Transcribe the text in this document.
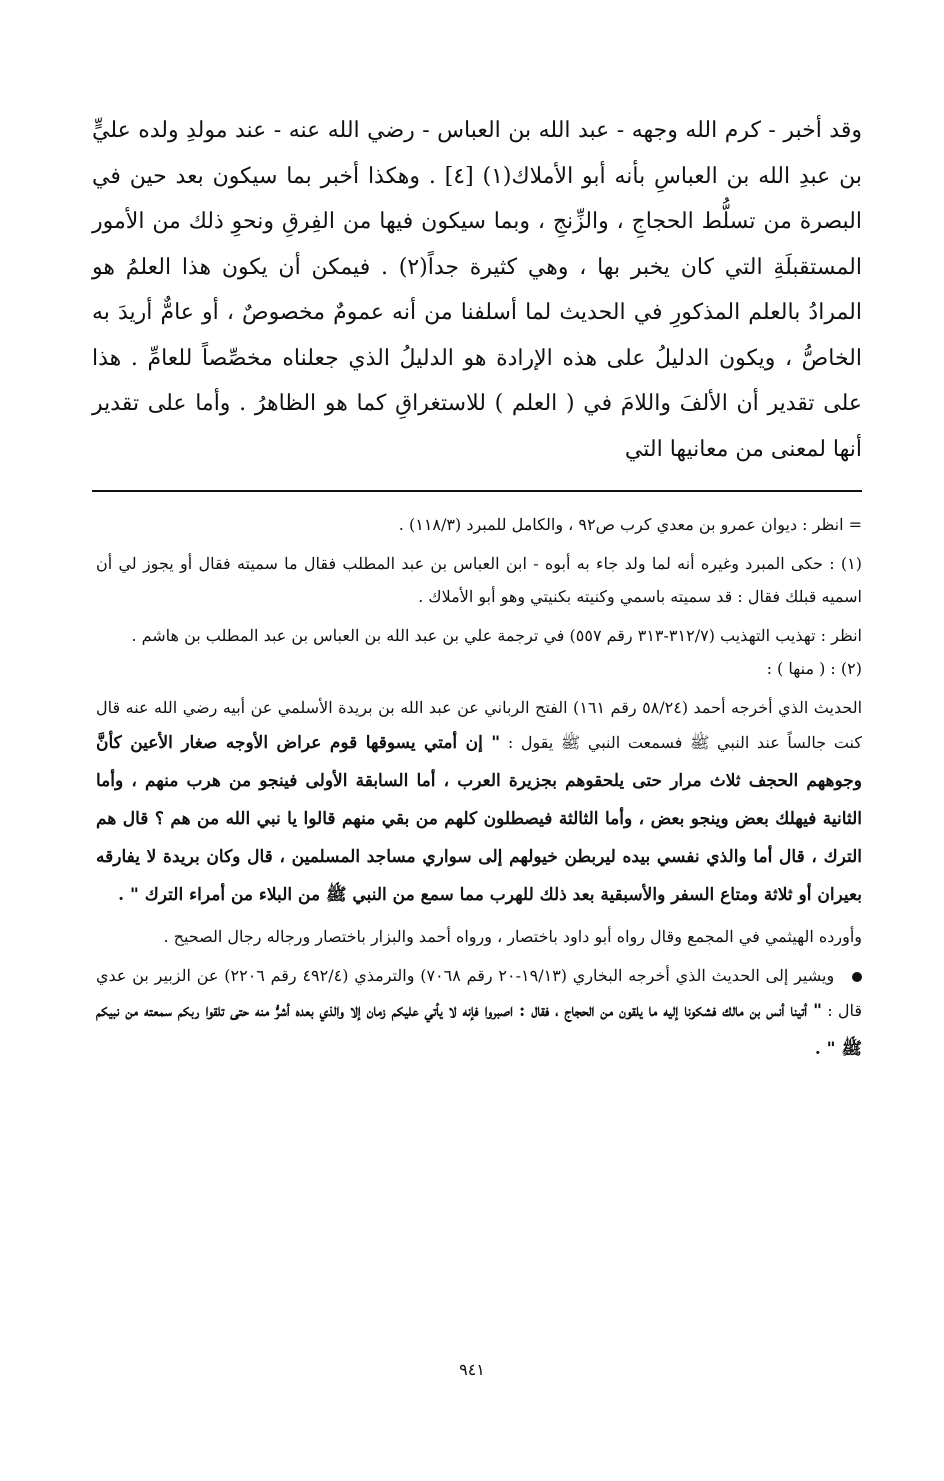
وقد أخبر - كرم الله وجهه - عبد الله بن العباس - رضي الله عنه - عند مولدِ ولده عليٍّ بن عبدِ الله بن العباسِ بأنه أبو الأملاك(١) [٤] . وهكذا أخبر بما سيكون بعد حين في البصرة من تسلُّط الحجاجِ ، والزِّنجِ ، وبما سيكون فيها من الفِرقِ ونحوِ ذلك من الأمور المستقبلَةِ التي كان يخبر بها ، وهي كثيرة جداً(٢) . فيمكن أن يكون هذا العلمُ هو المرادُ بالعلم المذكورِ في الحديث لما أسلفنا من أنه عمومٌ مخصوصٌ ، أو عامٌّ أريدَ به الخاصُّ ، ويكون الدليلُ على هذه الإرادة هو الدليلُ الذي جعلناه مخصِّصاً للعامِّ . هذا على تقدير أن الألفَ واللامَ في ( العلم ) للاستغراقِ كما هو الظاهرُ . وأما على تقدير أنها لمعنى من معانيها التي

= انظر : ديوان عمرو بن معدي كرب ص٩٢ ، والكامل للمبرد (١١٨/٣) .

(١) : حكى المبرد وغيره أنه لما ولد جاء به أبوه - ابن العباس بن عبد المطلب فقال ما سميته فقال أو يجوز لي أن اسميه قبلك فقال : قد سميته باسمي وكنيته بكنيتي وهو أبو الأملاك .

انظر : تهذيب التهذيب (٣١٢/٧-٣١٣ رقم ٥٥٧) في ترجمة علي بن عبد الله بن العباس بن عبد المطلب بن هاشم .

(٢) : ( منها ) :

الحديث الذي أخرجه أحمد (٥٨/٢٤ رقم ١٦١) الفتح الرباني عن عبد الله بن بريدة الأسلمي عن أبيه رضي الله عنه قال كنت جالساً عند النبي ﷺ فسمعت النبي ﷺ يقول : " إن أمتي يسوقها قوم عراض الأوجه صغار الأعين كأنَّ وجوههم الحجف ثلاث مرار حتى يلحقوهم بجزيرة العرب ، أما السابقة الأولى فينجو من هرب منهم ، وأما الثانية فيهلك بعض وينجو بعض ، وأما الثالثة فيصطلون كلهم من بقي منهم قالوا يا نبي الله من هم ؟ قال هم الترك ، قال أما والذي نفسي بيده ليربطن خيولهم إلى سواري مساجد المسلمين ، قال وكان بريدة لا يفارقه بعيران أو ثلاثة ومتاع السفر والأسبقية بعد ذلك للهرب مما سمع من النبي ﷺ من البلاء من أمراء الترك " .

وأورده الهيثمي في المجمع وقال رواه أبو داود باختصار ، ورواه أحمد والبزار باختصار ورجاله رجال الصحيح .

ويشير إلى الحديث الذي أخرجه البخاري (١٩/١٣-٢٠ رقم ٧٠٦٨) والترمذي (٤٩٢/٤ رقم ٢٢٠٦) عن الزبير بن عدي قال : " أتينا أنس بن مالك فشكونا إليه ما يلقون من الحجاج ، فقال : اصبروا فإنه لا يأتي عليكم زمان إلا والذي بعده أشرُّ منه حتى تلقوا ربكم سمعته من نبيكم ﷺ " .

٩٤١
